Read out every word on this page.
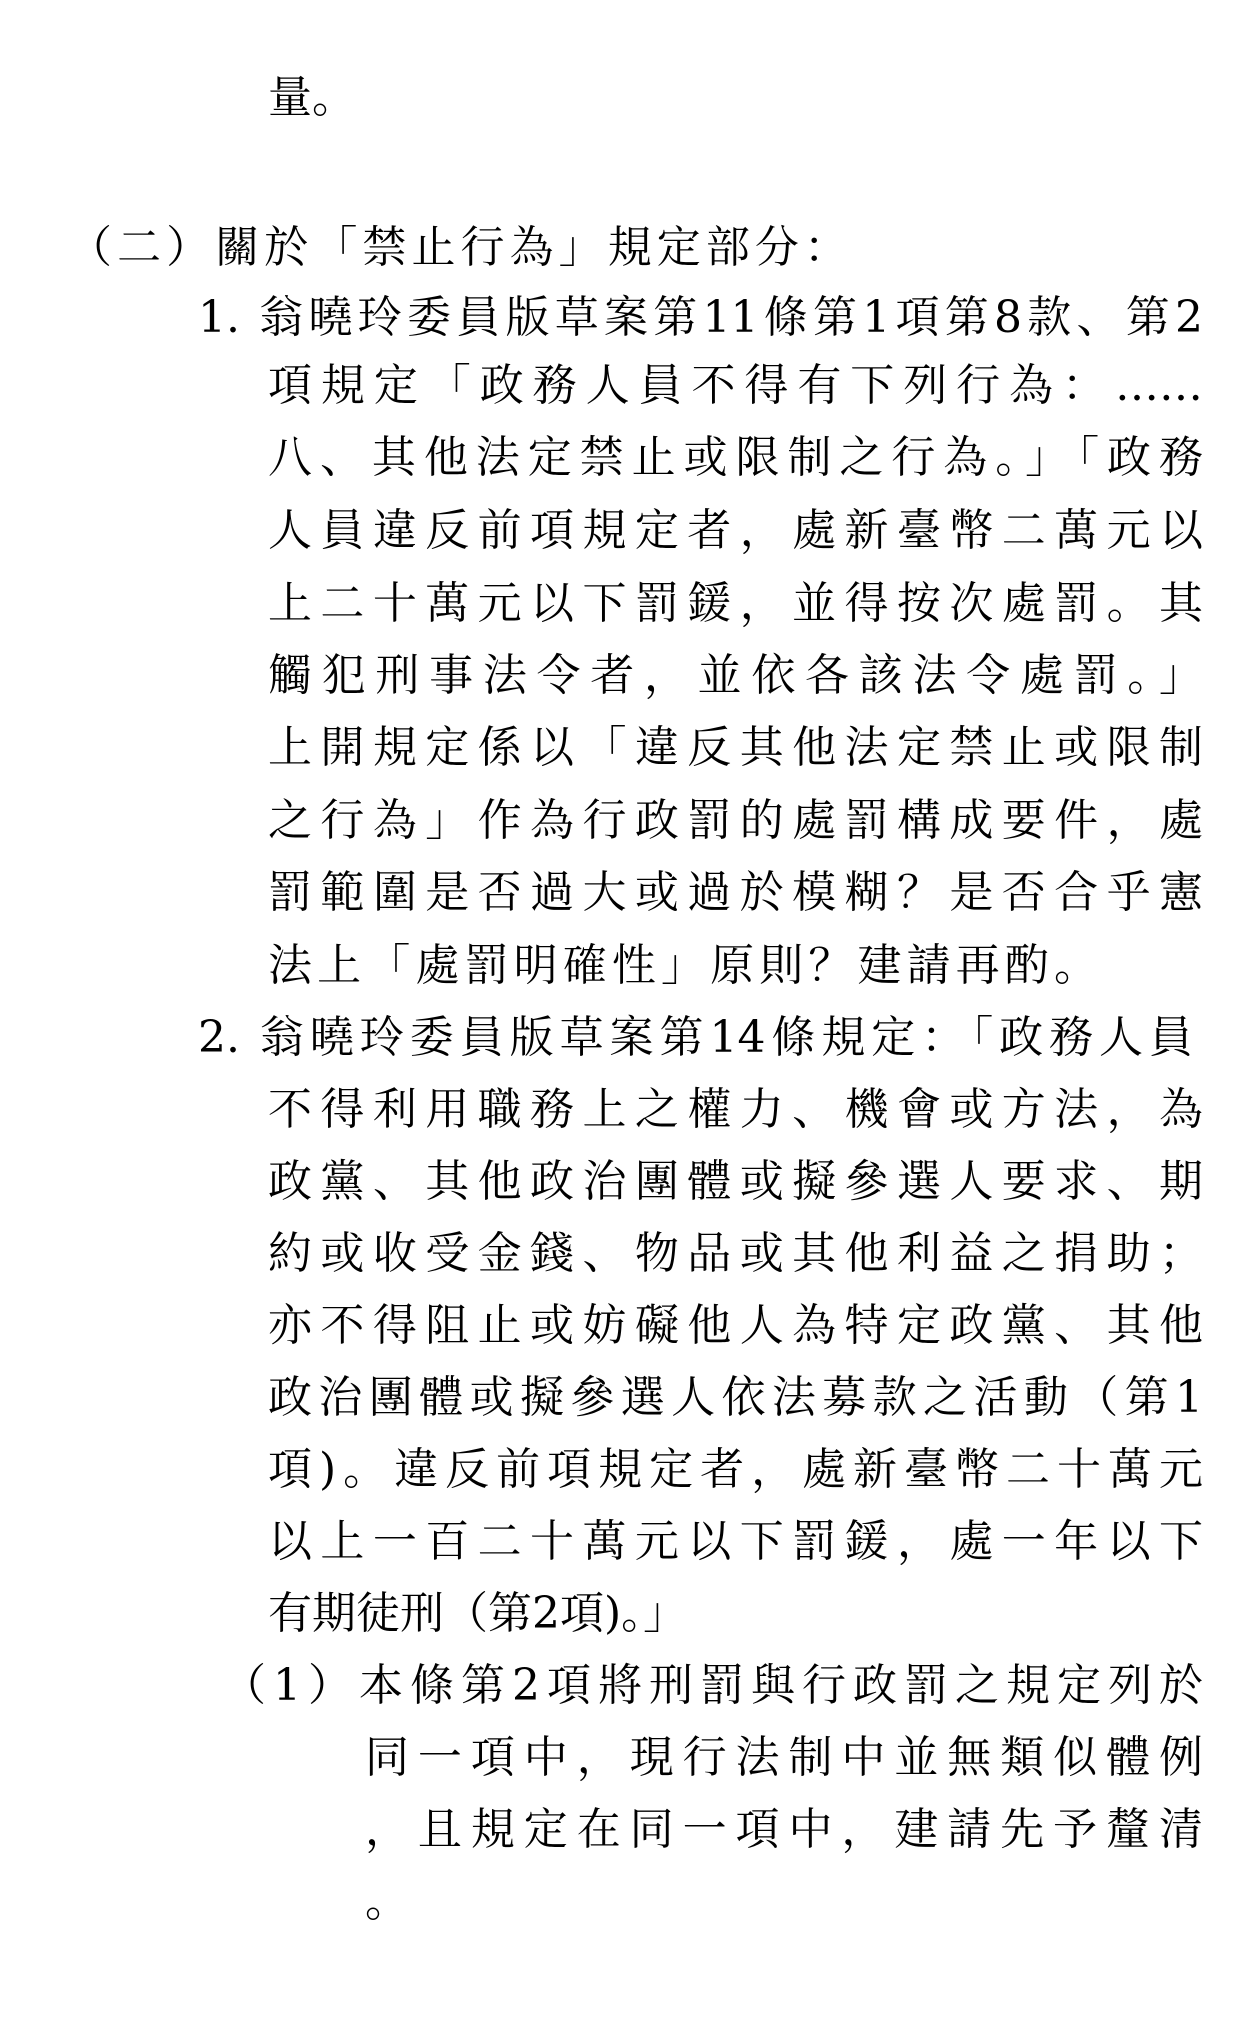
量。
（二）關於「禁止行為」規定部分：
1. 翁曉玲委員版草案第11條第1項第8款、第2
項規定「政務人員不得有下列行為：……
八、其他法定禁止或限制之行為。」「政務
人員違反前項規定者，處新臺幣二萬元以
上二十萬元以下罰鍰，並得按次處罰。其
觸犯刑事法令者，並依各該法令處罰。」
上開規定係以「違反其他法定禁止或限制
之行為」作為行政罰的處罰構成要件，處
罰範圍是否過大或過於模糊？是否合乎憲
法上「處罰明確性」原則？建請再酌。
2. 翁曉玲委員版草案第14條規定：「政務人員
不得利用職務上之權力、機會或方法，為
政黨、其他政治團體或擬參選人要求、期
約或收受金錢、物品或其他利益之捐助；
亦不得阻止或妨礙他人為特定政黨、其他
政治團體或擬參選人依法募款之活動（第1
項)。違反前項規定者，處新臺幣二十萬元
以上一百二十萬元以下罰鍰，處一年以下
有期徒刑（第2項)。」
（1）本條第2項將刑罰與行政罰之規定列於
同一項中，現行法制中並無類似體例
，且規定在同一項中，建請先予釐清
。
